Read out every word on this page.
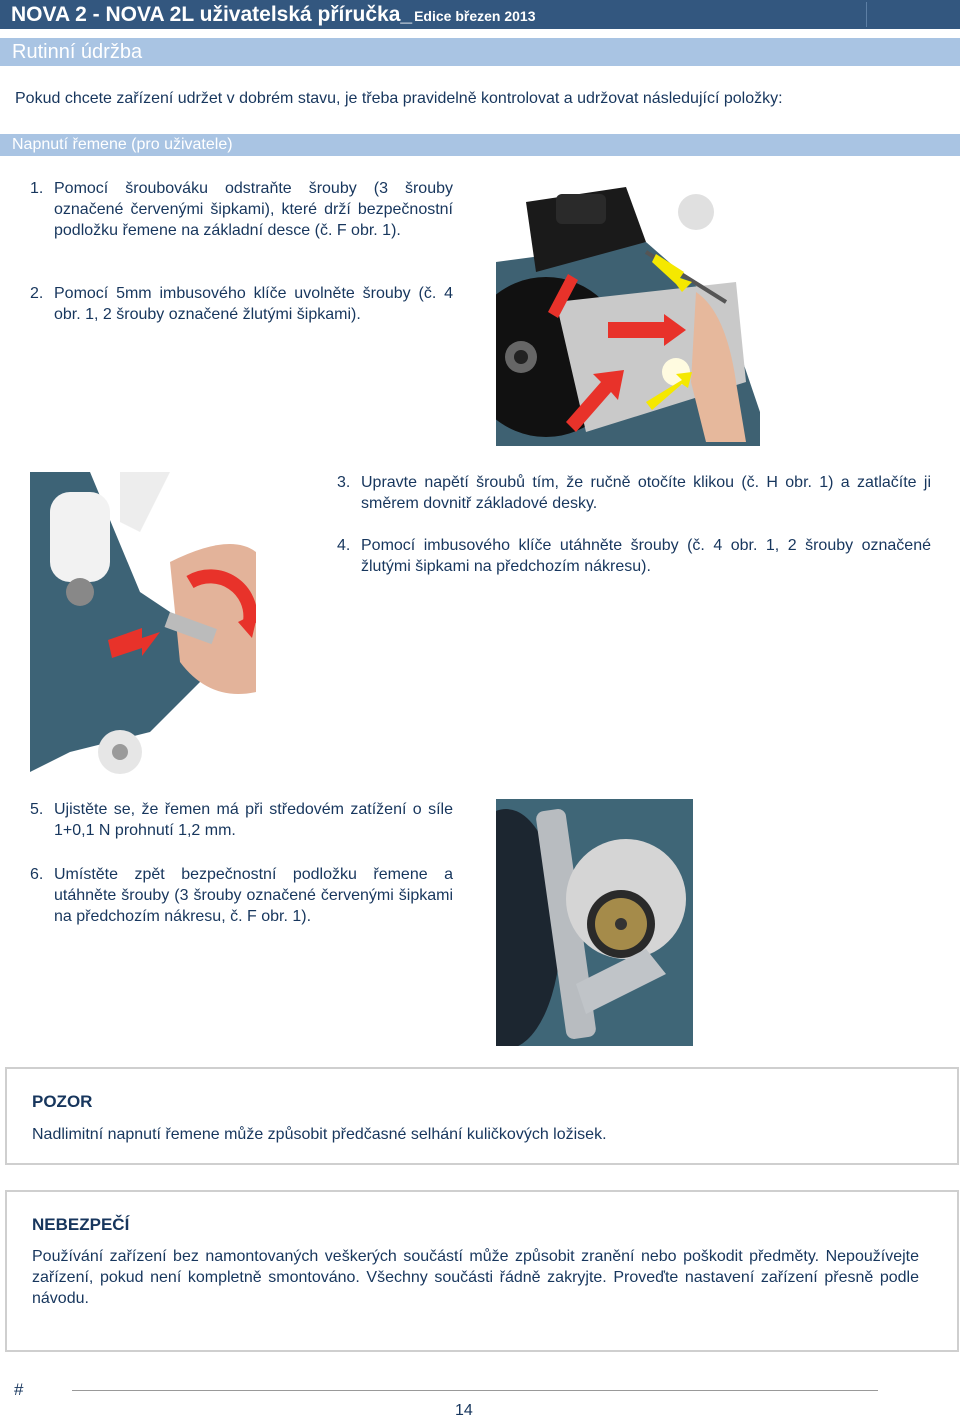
NOVA 2 - NOVA 2L uživatelská příručka_ Edice březen 2013
Rutinní údržba
Pokud chcete zařízení udržet v dobrém stavu, je třeba pravidelně kontrolovat a udržovat následující položky:
Napnutí řemene (pro uživatele)
1. Pomocí šroubováku odstraňte šrouby (3 šrouby označené červenými šipkami), které drží bezpečnostní podložku řemene na základní desce (č. F obr. 1).
2. Pomocí 5mm imbusového klíče uvolněte šrouby (č. 4 obr. 1, 2 šrouby označené žlutými šipkami).
3. Upravte napětí šroubů tím, že ručně otočíte klikou (č. H obr. 1) a zatlačíte ji směrem dovnitř základové desky.
4. Pomocí imbusového klíče utáhněte šrouby (č. 4 obr. 1, 2 šrouby označené žlutými šipkami na předchozím nákresu).
5. Ujistěte se, že řemen má při středovém zatížení o síle 1+0,1 N prohnutí 1,2 mm.
6. Umístěte zpět bezpečnostní podložku řemene a utáhněte šrouby (3 šrouby označené červenými šipkami na předchozím nákresu, č. F obr. 1).
POZOR
Nadlimitní napnutí řemene může způsobit předčasné selhání kuličkových ložisek.
NEBEZPEČÍ
Používání zařízení bez namontovaných veškerých součástí může způsobit zranění nebo poškodit předměty. Nepoužívejte zařízení, pokud není kompletně smontováno. Všechny součásti řádně zakryjte. Proveďte nastavení zařízení přesně podle návodu.
#
14
